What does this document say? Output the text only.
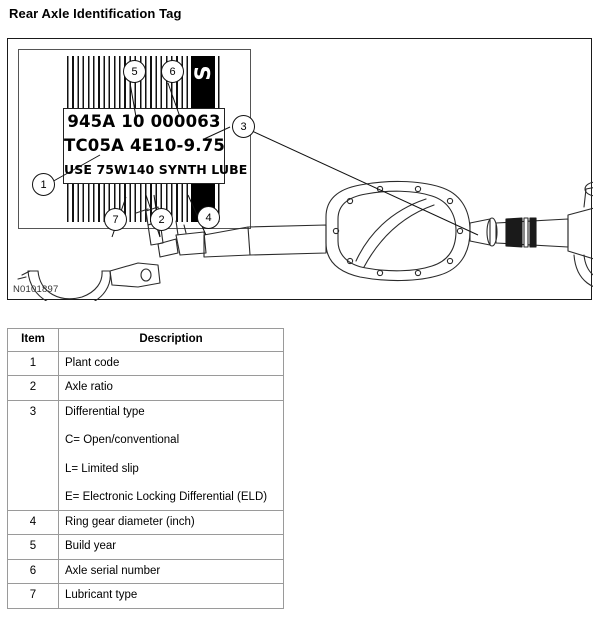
Rear Axle Identification Tag
S
945A 10 000063
TC05A 4E10-9.75
USE 75W140 SYNTH LUBE
5	6
3
1
7	2	4
N0101897
Item	Description
1	Plant code

2	Axle ratio

3	Differential type
C= Open/conventional
L= Limited slip
E= Electronic Locking Differential (ELD)

4	Ring gear diameter (inch)

5	Build year

6	Axle serial number

7	Lubricant type
